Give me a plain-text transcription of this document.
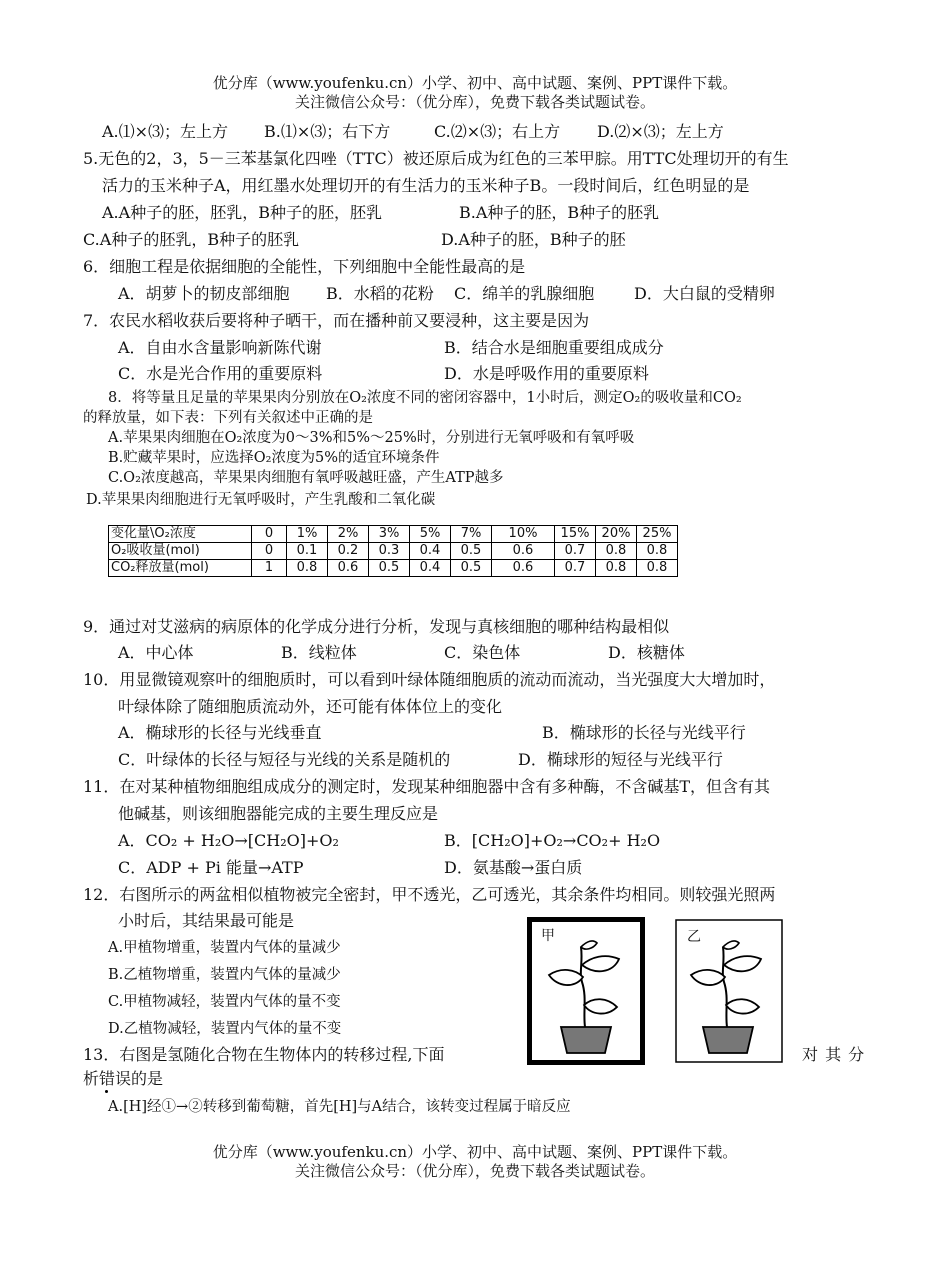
优分库（www.youfenku.cn）小学、初中、高中试题、案例、PPT课件下载。
关注微信公众号：（优分库），免费下载各类试题试卷。
A.⑴×⑶；左上方 B.⑴×⑶；右下方	C.⑵×⑶；右上方 D.⑵×⑶；左上方
5.无色的2，3，5－三苯基氯化四唑（TTC）被还原后成为红色的三苯甲腙。用TTC处理切开的有生
活力的玉米种子A，用红墨水处理切开的有生活力的玉米种子B。一段时间后，红色明显的是
A.A种子的胚，胚乳，B种子的胚，胚乳	B.A种子的胚，B种子的胚乳
C.A种子的胚乳，B种子的胚乳	D.A种子的胚，B种子的胚
6．细胞工程是依据细胞的全能性，下列细胞中全能性最高的是
A．胡萝卜的韧皮部细胞 B．水稻的花粉 C．绵羊的乳腺细胞 D．大白鼠的受精卵
7．农民水稻收获后要将种子晒干，而在播种前又要浸种，这主要是因为
A．自由水含量影响新陈代谢	B．结合水是细胞重要组成成分
C．水是光合作用的重要原料	D．水是呼吸作用的重要原料
8．将等量且足量的苹果果肉分别放在O₂浓度不同的密闭容器中，1小时后，测定O₂的吸收量和CO₂
的释放量，如下表：下列有关叙述中正确的是
A.苹果果肉细胞在O₂浓度为0～3%和5%～25%时，分别进行无氧呼吸和有氧呼吸
B.贮藏苹果时，应选择O₂浓度为5%的适宜环境条件
C.O₂浓度越高，苹果果肉细胞有氧呼吸越旺盛，产生ATP越多
D.苹果果肉细胞进行无氧呼吸时，产生乳酸和二氧化碳
变化量\O₂浓度	0	1%	2%	3%	5%	7%	10%	15%	20%	25%
O₂吸收量(mol)	0	0.1	0.2	0.3	0.4	0.5	0.6	0.7	0.8	0.8
CO₂释放量(mol)	1	0.8	0.6	0.5	0.4	0.5	0.6	0.7	0.8	0.8
9．通过对艾滋病的病原体的化学成分进行分析，发现与真核细胞的哪种结构最相似
A．中心体	B．线粒体	C．染色体	D．核糖体
10．用显微镜观察叶的细胞质时，可以看到叶绿体随细胞质的流动而流动，当光强度大大增加时，
叶绿体除了随细胞质流动外，还可能有体体位上的变化
A．椭球形的长径与光线垂直	B．椭球形的长径与光线平行
C．叶绿体的长径与短径与光线的关系是随机的	D．椭球形的短径与光线平行
11．在对某种植物细胞组成成分的测定时，发现某种细胞器中含有多种酶，不含碱基T，但含有其
他碱基，则该细胞器能完成的主要生理反应是
A．CO₂ + H₂O→[CH₂O]+O₂	B．[CH₂O]+O₂→CO₂+ H₂O
C．ADP + Pi 能量→ATP	D．氨基酸→蛋白质
12．右图所示的两盆相似植物被完全密封，甲不透光，乙可透光，其余条件均相同。则较强光照两
小时后，其结果最可能是
A.甲植物增重，装置内气体的量减少
B.乙植物增重，装置内气体的量减少
C.甲植物减轻，装置内气体的量不变
D.乙植物减轻，装置内气体的量不变
甲	乙
13．右图是氢随化合物在生物体内的转移过程,下面	对 其 分
析错误的是
A.[H]经①→②转移到葡萄糖，首先[H]与A结合，该转变过程属于暗反应
优分库（www.youfenku.cn）小学、初中、高中试题、案例、PPT课件下载。
关注微信公众号：（优分库），免费下载各类试题试卷。
